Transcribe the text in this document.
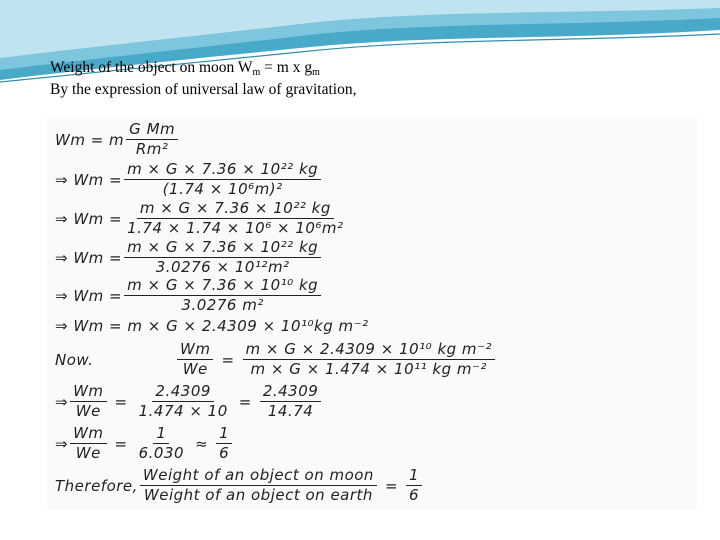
Weight of the object on moon $W_m = m$ x $g_m$
By the expression of universal law of gravitation,
Wm = m $\frac{\text{G Mm}}{\text{Rm²}}$
⇒ $Wm = \frac{\text{m × G × 7.36 × 10²² kg}}{\text{(1.74 × 10⁶m)²}}$
⇒ $Wm = \frac{\text{m × G × 7.36 × 10²² kg}}{\text{1.74 × 1.74 × 10⁶ × 10⁶m²}}$
⇒ $Wm = \frac{\text{m × G × 7.36 × 10²² kg}}{\text{3.0276 × 10¹²m²}}$
⇒ $Wm = \frac{\text{m × G × 7.36 × 10¹⁰ kg}}{\text{3.0276 m²}}$
⇒ Wm = m × G × 2.4309 × 10¹⁰kg m⁻²
Now.	$\frac{Wm}{We} = \frac{\text{m × G × 2.4309 × 10¹⁰ kg m⁻²}}{\text{m × G × 1.474 × 10¹¹ kg m⁻²}}$
⇒ $\frac{Wm}{We} = \frac{2.4309}{1.474 \times 10} = \frac{2.4309}{14.74}$
⇒ $\frac{Wm}{We} = \frac{1}{6.030} \approx \frac{1}{6}$
Therefore, $\frac{\text{Weight of an object on moon}}{\text{Weight of an object on earth}} = \frac{1}{6}$
